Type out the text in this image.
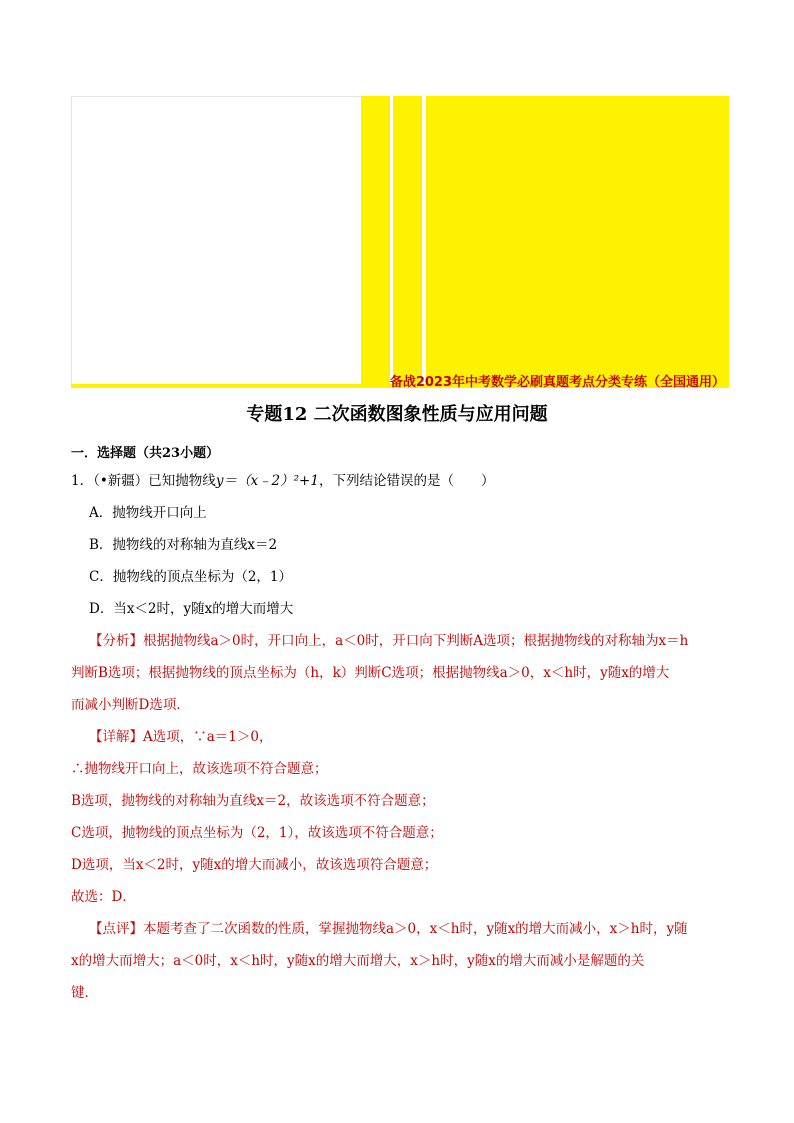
备战2023年中考数学必刷真题考点分类专练（全国通用）
专题12 二次函数图象性质与应用问题
一．选择题（共23小题）
1．（•新疆）已知抛物线y＝（x﹣2）²+1，下列结论错误的是（　　）
A．抛物线开口向上
B．抛物线的对称轴为直线x＝2
C．抛物线的顶点坐标为（2，1）
D．当x＜2时，y随x的增大而增大
【分析】根据抛物线a＞0时，开口向上，a＜0时，开口向下判断A选项；根据抛物线的对称轴为x＝h
判断B选项；根据抛物线的顶点坐标为（h，k）判断C选项；根据抛物线a＞0，x＜h时，y随x的增大
而减小判断D选项．
【详解】A选项，∵a＝1＞0，
∴抛物线开口向上，故该选项不符合题意；
B选项，抛物线的对称轴为直线x＝2，故该选项不符合题意；
C选项，抛物线的顶点坐标为（2，1），故该选项不符合题意；
D选项，当x＜2时，y随x的增大而减小，故该选项符合题意；
故选：D．
【点评】本题考查了二次函数的性质，掌握抛物线a＞0，x＜h时，y随x的增大而减小，x＞h时，y随
x的增大而增大；a＜0时，x＜h时，y随x的增大而增大，x＞h时，y随x的增大而减小是解题的关
键．
